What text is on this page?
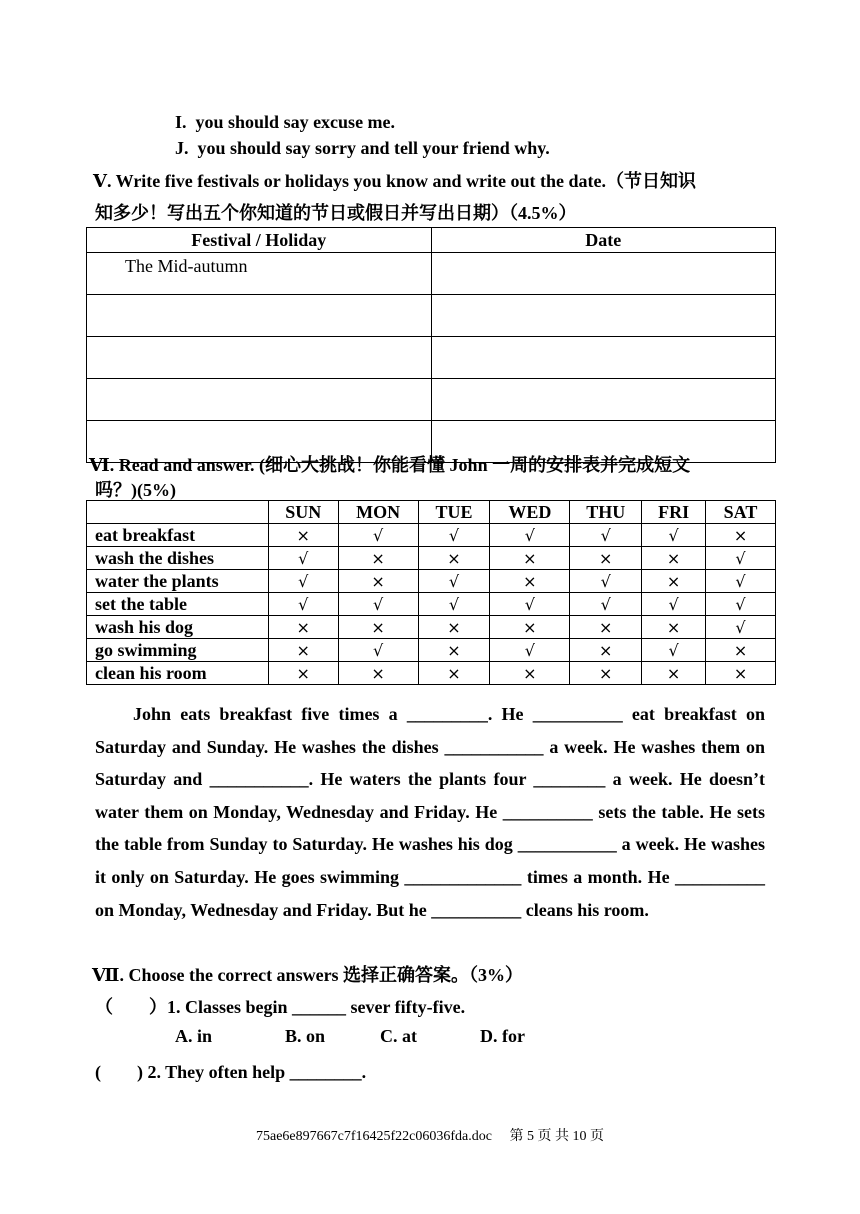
I. you should say excuse me.
J. you should say sorry and tell your friend why.
Ⅴ. Write five festivals or holidays you know and write out the date.（节日知识
知多少！写出五个你知道的节日或假日并写出日期）（4.5%）
Festival / Holiday	Date
The Mid-autumn	

Ⅵ. Read and answer. (细心大挑战！你能看懂 John 一周的安排表并完成短文
吗？)(5%)
	SUN	MON	TUE	WED	THU	FRI	SAT
eat breakfast	×	√	√	√	√	√	×
wash the dishes	√	×	×	×	×	×	√
water the plants	√	×	√	×	√	×	√
set the table	√	√	√	√	√	√	√
wash his dog	×	×	×	×	×	×	√
go swimming	×	√	×	√	×	√	×
clean his room	×	×	×	×	×	×	×
John eats breakfast five times a _________. He __________ eat breakfast on Saturday and Sunday. He washes the dishes ___________ a week. He washes them on Saturday and ___________. He waters the plants four ________ a week. He doesn’t water them on Monday, Wednesday and Friday. He __________ sets the table. He sets the table from Sunday to Saturday. He washes his dog ___________ a week. He washes it only on Saturday. He goes swimming _____________ times a month. He __________ on Monday, Wednesday and Friday. But he __________ cleans his room.
Ⅶ. Choose the correct answers 选择正确答案。（3%）
（　　）1. Classes begin ______ sever fifty-five.
A. in	B. on	C. at	D. for
(　　) 2. They often help ________.
75ae6e897667c7f16425f22c06036fda.doc 第 5 页 共 10 页
